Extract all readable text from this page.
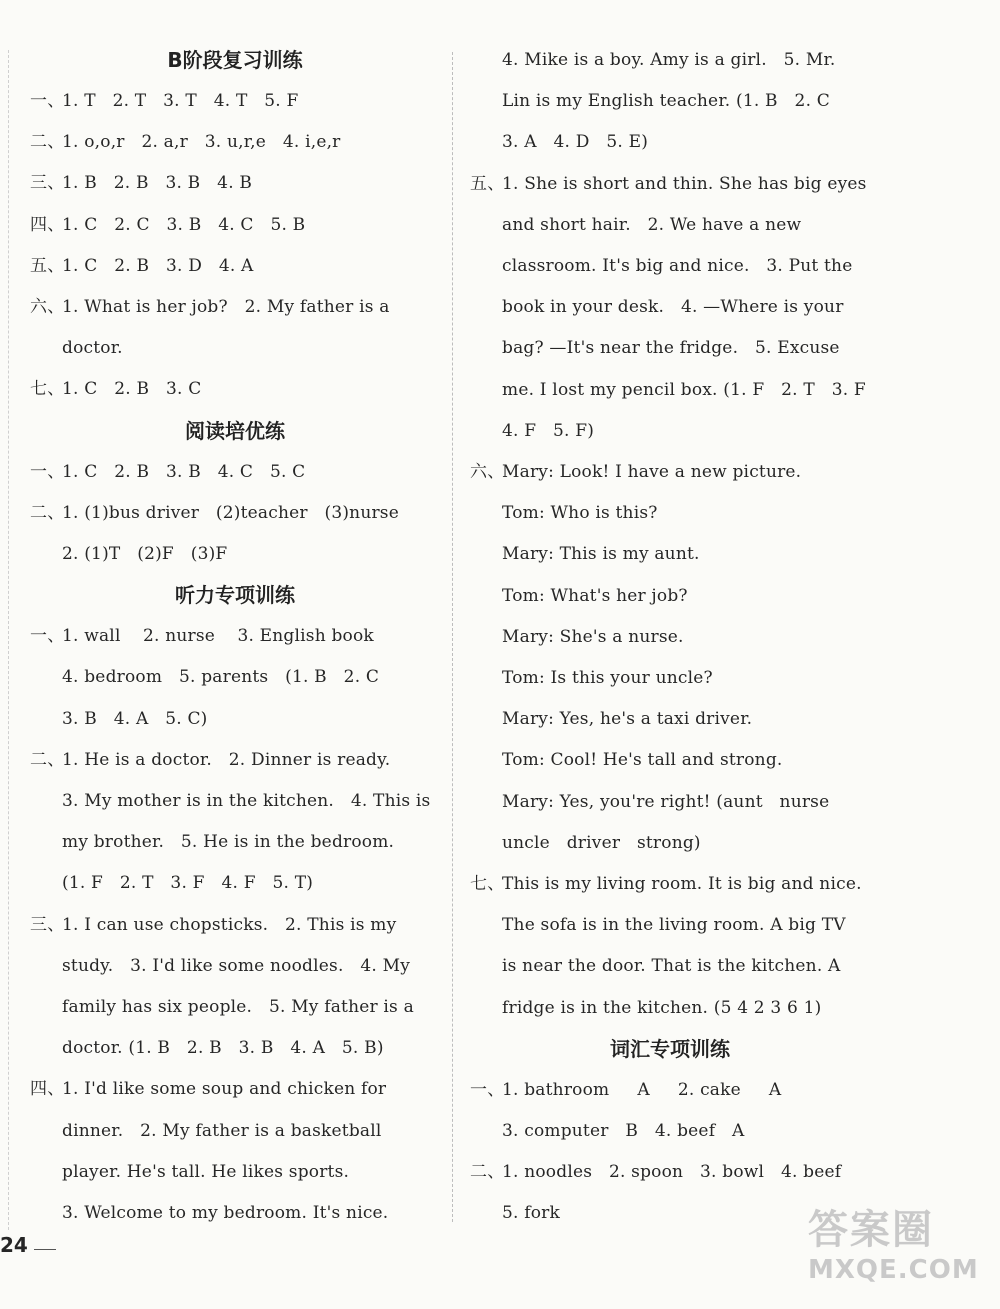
B阶段复习训练
一、
1. T   2. T   3. T   4. T   5. F
二、
1. o,o,r   2. a,r   3. u,r,e   4. i,e,r
三、
1. B   2. B   3. B   4. B
四、
1. C   2. C   3. B   4. C   5. B
五、
1. C   2. B   3. D   4. A
六、
1. What is her job?   2. My father is a
doctor.
七、
1. C   2. B   3. C
阅读培优练
一、
1. C   2. B   3. B   4. C   5. C
二、
1. (1)bus driver   (2)teacher   (3)nurse
2. (1)T   (2)F   (3)F
听力专项训练
一、
1. wall    2. nurse    3. English book
4. bedroom   5. parents   (1. B   2. C
3. B   4. A   5. C)
二、
1. He is a doctor.   2. Dinner is ready.
3. My mother is in the kitchen.   4. This is
my brother.   5. He is in the bedroom.
(1. F   2. T   3. F   4. F   5. T)
三、
1. I can use chopsticks.   2. This is my
study.   3. I'd like some noodles.   4. My
family has six people.   5. My father is a
doctor. (1. B   2. B   3. B   4. A   5. B)
四、
1. I'd like some soup and chicken for
dinner.   2. My father is a basketball
player. He's tall. He likes sports.
3. Welcome to my bedroom. It's nice.
4. Mike is a boy. Amy is a girl.   5. Mr.
Lin is my English teacher. (1. B   2. C
3. A   4. D   5. E)
五、
1. She is short and thin. She has big eyes
and short hair.   2. We have a new
classroom. It's big and nice.   3. Put the
book in your desk.   4. —Where is your
bag? —It's near the fridge.   5. Excuse
me. I lost my pencil box. (1. F   2. T   3. F
4. F   5. F)
六、
Mary: Look! I have a new picture.
Tom: Who is this?
Mary: This is my aunt.
Tom: What's her job?
Mary: She's a nurse.
Tom: Is this your uncle?
Mary: Yes, he's a taxi driver.
Tom: Cool! He's tall and strong.
Mary: Yes, you're right! (aunt   nurse
uncle   driver   strong)
七、
This is my living room. It is big and nice.
The sofa is in the living room. A big TV
is near the door. That is the kitchen. A
fridge is in the kitchen. (5 4 2 3 6 1)
词汇专项训练
一、
1. bathroom     A     2. cake     A
3. computer   B   4. beef   A
二、
1. noodles   2. spoon   3. bowl   4. beef
5. fork
24	答案圈
MXQE.COM
